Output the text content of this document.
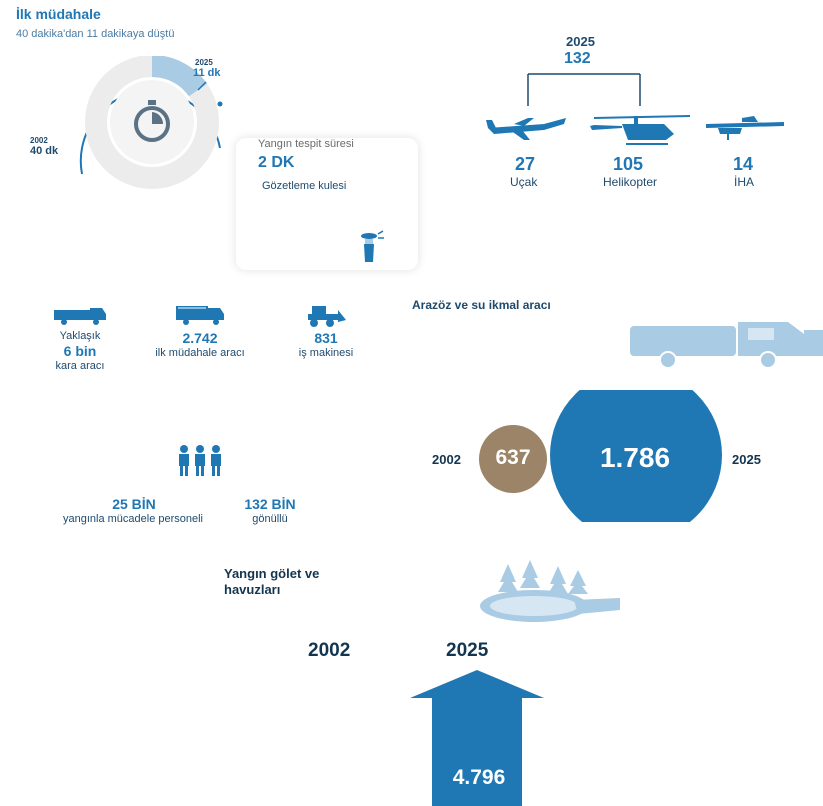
İlk müdahale
40 dakika'dan 11 dakikaya düştü
2025
11 dk
2002
40 dk
Yangın tespit süresi
2 DK
Gözetleme kulesi
2025
132
27
Uçak
105
Helikopter
14
İHA
Yaklaşık
6 bin
kara aracı
2.742
ilk müdahale aracı
831
iş makinesi
Arazöz ve su ikmal aracı
25 BİN
yangınla mücadele personeli
132 BİN
gönüllü
2002	2025
637	1.786
Yangın gölet ve
havuzları
2002	2025
4.796
